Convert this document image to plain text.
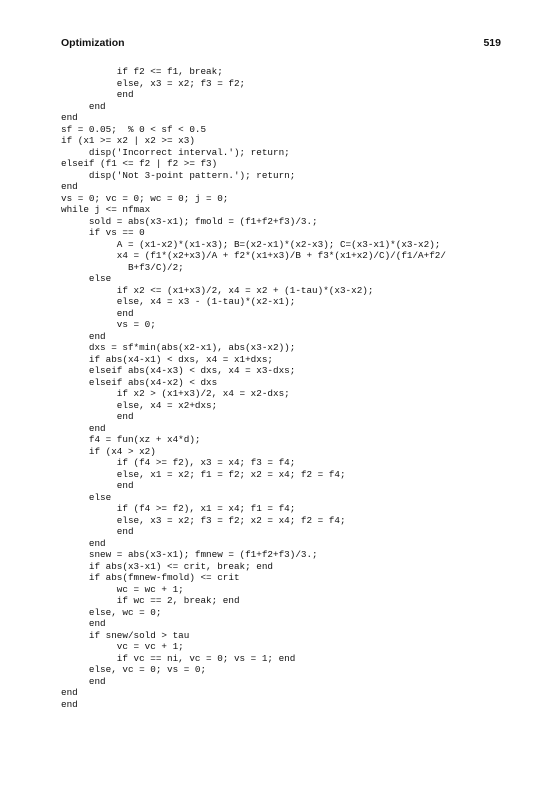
Optimization	519
if f2 <= f1, break;
else, x3 = x2; f3 = f2;
end
end
end
sf = 0.05;  % 0 < sf < 0.5
if (x1 >= x2 | x2 >= x3)
disp('Incorrect interval.'); return;
elseif (f1 <= f2 | f2 >= f3)
disp('Not 3-point pattern.'); return;
end
vs = 0; vc = 0; wc = 0; j = 0;
while j <= nfmax
sold = abs(x3-x1); fmold = (f1+f2+f3)/3.;
if vs == 0
A = (x1-x2)*(x1-x3); B=(x2-x1)*(x2-x3); C=(x3-x1)*(x3-x2);
x4 = (f1*(x2+x3)/A + f2*(x1+x3)/B + f3*(x1+x2)/C)/(f1/A+f2/
B+f3/C)/2;
else
if x2 <= (x1+x3)/2, x4 = x2 + (1-tau)*(x3-x2);
else, x4 = x3 - (1-tau)*(x2-x1);
end
vs = 0;
end
dxs = sf*min(abs(x2-x1), abs(x3-x2));
if abs(x4-x1) < dxs, x4 = x1+dxs;
elseif abs(x4-x3) < dxs, x4 = x3-dxs;
elseif abs(x4-x2) < dxs
if x2 > (x1+x3)/2, x4 = x2-dxs;
else, x4 = x2+dxs;
end
end
f4 = fun(xz + x4*d);
if (x4 > x2)
if (f4 >= f2), x3 = x4; f3 = f4;
else, x1 = x2; f1 = f2; x2 = x4; f2 = f4;
end
else
if (f4 >= f2), x1 = x4; f1 = f4;
else, x3 = x2; f3 = f2; x2 = x4; f2 = f4;
end
end
snew = abs(x3-x1); fmnew = (f1+f2+f3)/3.;
if abs(x3-x1) <= crit, break; end
if abs(fmnew-fmold) <= crit
wc = wc + 1;
if wc == 2, break; end
else, wc = 0;
end
if snew/sold > tau
vc = vc + 1;
if vc == ni, vc = 0; vs = 1; end
else, vc = 0; vs = 0;
end
end
end
